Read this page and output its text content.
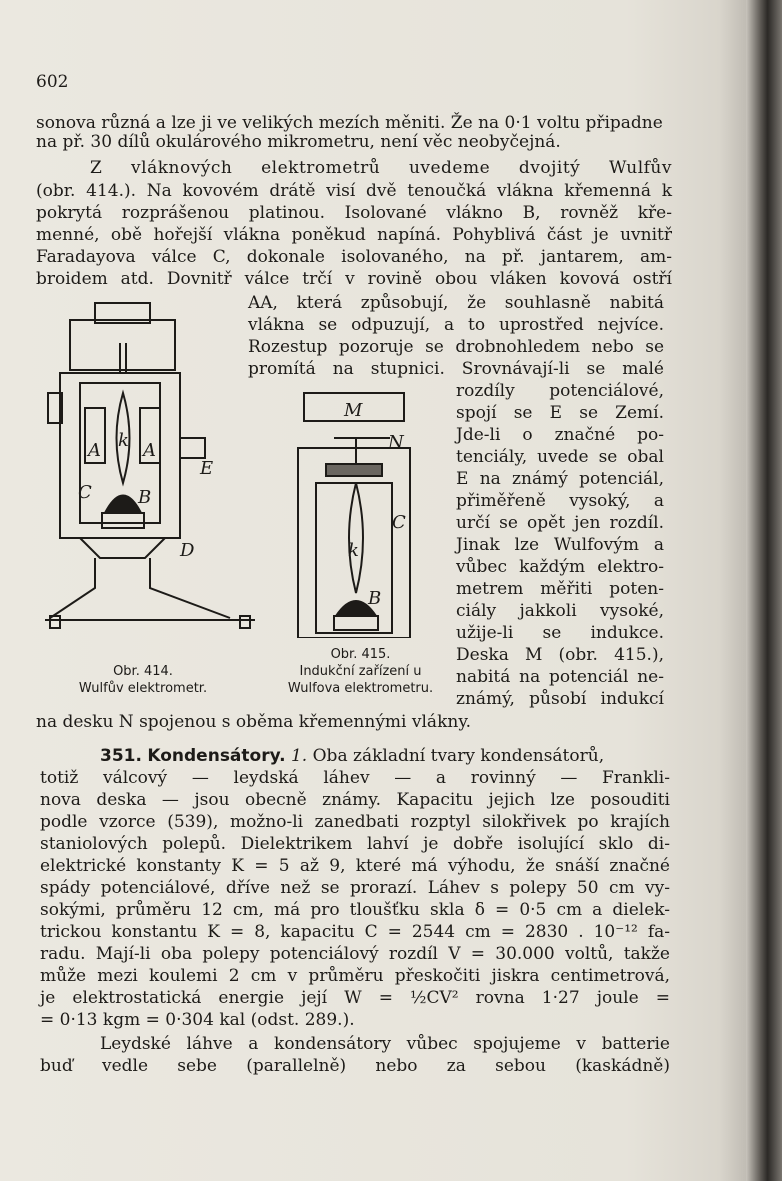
602
sonova různá a lze ji ve velikých mezích měniti. Že na 0·1 voltu připadne
na př. 30 dílů okulárového mikrometru, není věc neobyčejná.
Z vláknových elektrometrů uvedeme dvojitý Wulfův
(obr. 414.). Na kovovém drátě visí dvě tenoučká vlákna křemenná k
pokrytá rozprášenou platinou. Isolované vlákno B, rovněž kře-
menné, obě hořejší vlákna poněkud napíná. Pohyblivá část je uvnitř
Faradayova válce C, dokonale isolovaného, na př. jantarem, am-
broidem atd. Dovnitř válce trčí v rovině obou vláken kovová ostří
AA, která způsobují, že souhlasně nabitá
vlákna se odpuzují, a to uprostřed nejvíce.
Rozestup pozoruje se drobnohledem nebo se
promítá na stupnici. Srovnávají-li se malé
rozdíly potenciálové,
spojí se E se Zemí.
Jde-li o značné po-
tenciály, uvede se obal
E na známý potenciál,
přiměřeně vysoký, a
určí se opět jen rozdíl.
Jinak lze Wulfovým a
vůbec každým elektro-
metrem měřiti poten-
ciály jakkoli vysoké,
užije-li se indukce.
Deska M (obr. 415.),
nabitá na potenciál ne-
známý, působí indukcí
na desku N spojenou s oběma křemennými vlákny.
A k A
E
C	B
D
M
N
C
k
B
Obr. 414.
Wulfův elektrometr.
Obr. 415.
Indukční zařízení u
Wulfova elektrometru.
351. Kondensátory. 1. Oba základní tvary kondensátorů,
totiž válcový — leydská láhev — a rovinný — Frankli-
nova deska — jsou obecně známy. Kapacitu jejich lze posouditi
podle vzorce (539), možno-li zanedbati rozptyl silokřivek po krajích
staniolových polepů. Dielektrikem lahví je dobře isolující sklo di-
elektrické konstanty K = 5 až 9, které má výhodu, že snáší značné
spády potenciálové, dříve než se prorazí. Láhev s polepy 50 cm vy-
sokými, průměru 12 cm, má pro tloušťku skla δ = 0·5 cm a dielek-
trickou konstantu K = 8, kapacitu C = 2544 cm = 2830 . 10⁻¹² fa-
radu. Mají-li oba polepy potenciálový rozdíl V = 30.000 voltů, takže
může mezi koulemi 2 cm v průměru přeskočiti jiskra centimetrová,
je elektrostatická energie její W = ½CV² rovna 1·27 joule =
= 0·13 kgm = 0·304 kal (odst. 289.).
Leydské láhve a kondensátory vůbec spojujeme v batterie
buď vedle sebe (parallelně) nebo za sebou (kaskádně)
